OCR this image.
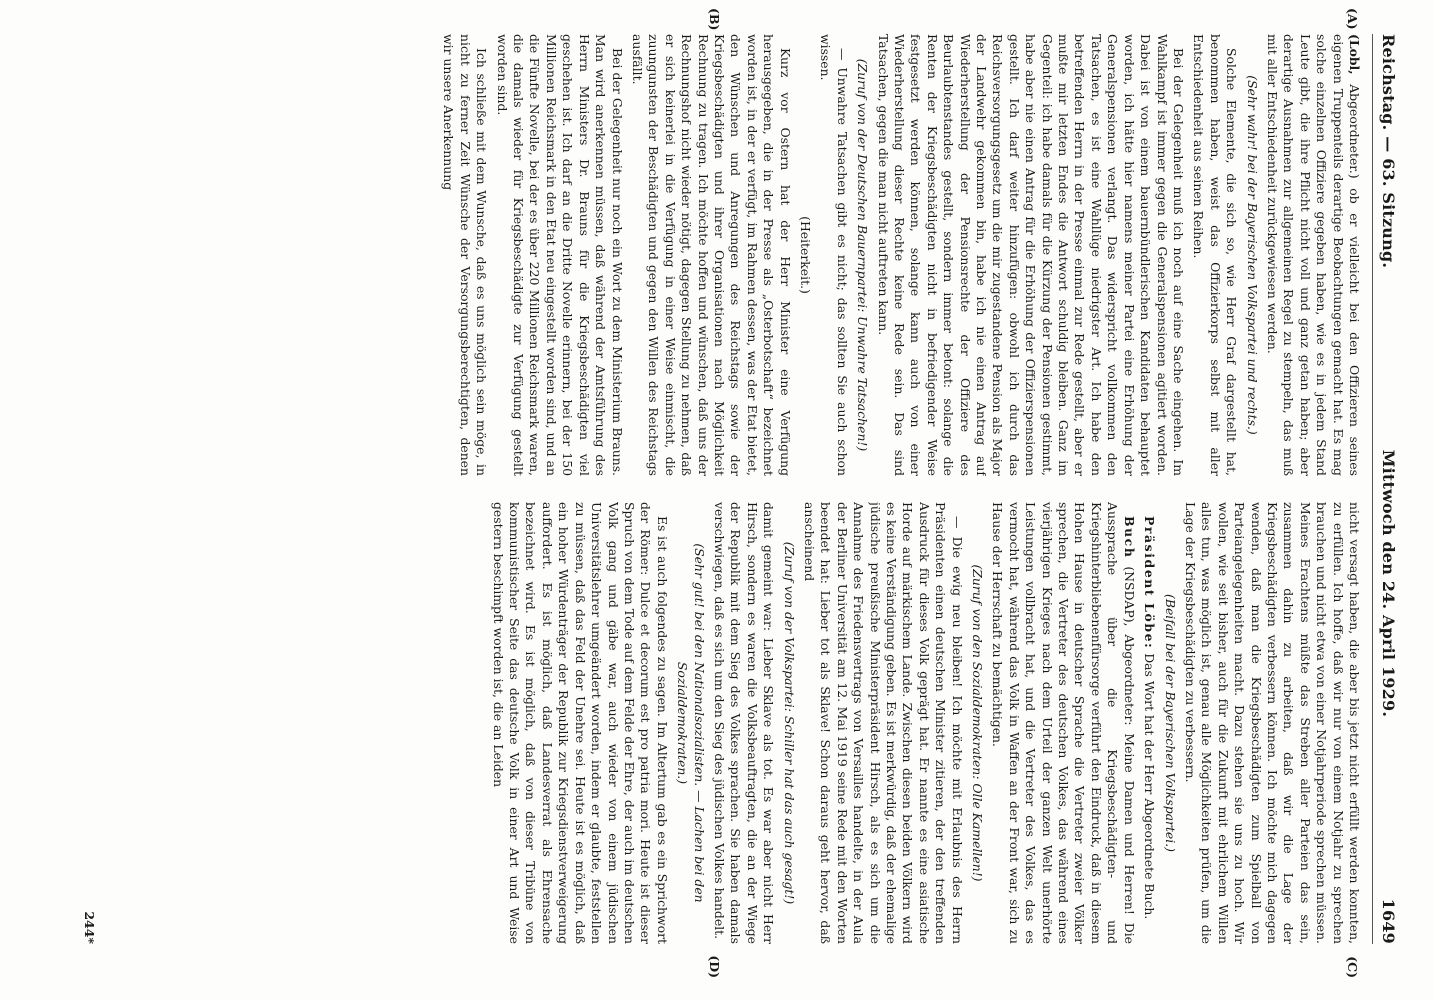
Reichstag. — 63. Sitzung.
Mittwoch den 24. April 1929.
1649
(A)
(B)
(C)
(D)

(Lobl, Abgeordneter.) ob er vielleicht bei den Offizieren seines eigenen Truppenteils derartige Beobachtungen gemacht hat. Es mag solche einzelnen Offiziere gegeben haben, wie es in jedem Stand Leute gibt, die ihre Pflicht nicht voll und ganz getan haben; aber derartige Ausnahmen zur allgemeinen Regel zu stempeln, das muß mit aller Entschiedenheit zurückgewiesen werden.

(Sehr wahr! bei der Bayerischen Volkspartei und rechts.)

Solche Elemente, die sich so, wie Herr Graf dargestellt hat, benommen haben, weist das Offizierkorps selbst mit aller Entschiedenheit aus seinen Reihen.

Bei der Gelegenheit muß ich noch auf eine Sache eingehen. Im Wahlkampf ist immer gegen die Generalspensionen agitiert worden. Dabei ist von einem bauernbündlerischen Kandidaten behauptet worden, ich hätte hier namens meiner Partei eine Erhöhung der Generalspensionen verlangt. Das widerspricht vollkommen den Tatsachen, es ist eine Wahllüge niedrigster Art. Ich habe den betreffenden Herrn in der Presse einmal zur Rede gestellt, aber er mußte mir letzten Endes die Antwort schuldig bleiben. Ganz im Gegenteil: ich habe damals für die Kürzung der Pensionen gestimmt, habe aber nie einen Antrag für die Erhöhung der Offizierspensionen gestellt. Ich darf weiter hinzufügen: obwohl ich durch das Reichsversorgungsgesetz um die mir zugestandene Pension als Major der Landwehr gekommen bin, habe ich nie einen Antrag auf Wiederherstellung der Pensionsrechte der Offiziere des Beurlaubtenstandes gestellt, sondern immer betont: solange die Renten der Kriegsbeschädigten nicht in befriedigender Weise festgesetzt werden können, solange kann auch von einer Wiederherstellung dieser Rechte keine Rede sein. Das sind Tatsachen, gegen die man nicht auftreten kann.

(Zuruf von der Deutschen Bauernpartei: Unwahre Tatsachen!)

— Unwahre Tatsachen gibt es nicht; das sollten Sie auch schon wissen.

(Heiterkeit.)

Kurz vor Ostern hat der Herr Minister eine Verfügung herausgegeben, die in der Presse als „Osterbotschaft“ bezeichnet worden ist, in der er verfügt, im Rahmen dessen, was der Etat bietet, den Wünschen und Anregungen des Reichstags sowie der Kriegsbeschädigten und ihrer Organisationen nach Möglichkeit Rechnung zu tragen. Ich möchte hoffen und wünschen, daß uns der Rechnungshof nicht wieder nötigt, dagegen Stellung zu nehmen, daß er sich keinerlei in die Verfügung in einer Weise einmischt, die zuungunsten der Beschädigten und gegen den Willen des Reichstags ausfällt.

Bei der Gelegenheit nur noch ein Wort zu dem Ministerium Brauns. Man wird anerkennen müssen, daß während der Amtsführung des Herrn Ministers Dr. Brauns für die Kriegsbeschädigten viel geschehen ist. Ich darf an die Dritte Novelle erinnern, bei der 150 Millionen Reichsmark in den Etat neu eingestellt worden sind, und an die Fünfte Novelle, bei der es über 220 Millionen Reichsmark waren, die damals wieder für Kriegsbeschädigte zur Verfügung gestellt worden sind.

Ich schließe mit dem Wunsche, daß es uns möglich sein möge, in nicht zu ferner Zeit Wünsche der Versorgungsberechtigten, denen wir unsere Anerkennung

nicht versagt haben, die aber bis jetzt nicht erfüllt werden konnten, zu erfüllen. Ich hoffe, daß wir nur von einem Notjahr zu sprechen brauchen und nicht etwa von einer Notjahrperiode sprechen müssen. Meines Erachtens müßte das Streben aller Parteien das sein, zusammen dahin zu arbeiten, daß wir die Lage der Kriegsbeschädigten verbessern können. Ich möchte mich dagegen wenden, daß man die Kriegsbeschädigten zum Spielball von Parteiangelegenheiten macht. Dazu stehen sie uns zu hoch. Wir wollen, wie seit bisher, auch für die Zukunft mit ehrlichem Willen alles tun, was möglich ist, genau alle Möglichkeiten prüfen, um die Lage der Kriegsbeschädigten zu verbessern.

(Beifall bei der Bayerischen Volkspartei.)

Präsident Löbe: Das Wort hat der Herr Abgeordnete Buch.

Buch (NSDAP), Abgeordneter: Meine Damen und Herren! Die Aussprache über die Kriegsbeschädigten- und Kriegshinterbliebenenfürsorge verführt den Eindruck, daß in diesem Hohen Hause in deutscher Sprache die Vertreter zweier Völker sprechen, die Vertreter des deutschen Volkes, das während eines vierjährigen Krieges nach dem Urteil der ganzen Welt unerhörte Leistungen vollbracht hat, und die Vertreter des Volkes, das es vermocht hat, während das Volk in Waffen an der Front war, sich zu Hause der Herrschaft zu bemächtigen.

(Zuruf von den Sozialdemokraten: Olle Kamellen!)

— Die ewig neu bleiben! Ich möchte mit Erlaubnis des Herrn Präsidenten einen deutschen Minister zitieren, der den treffenden Ausdruck für dieses Volk geprägt hat. Er nannte es eine asiatische Horde auf märkischem Lande. Zwischen diesen beiden Völkern wird es keine Verständigung geben. Es ist merkwürdig, daß der ehemalige jüdische preußische Ministerpräsident Hirsch, als es sich um die Annahme des Friedensvertrags von Versailles handelte, in der Aula der Berliner Universität am 12. Mai 1919 seine Rede mit den Worten beendet hat: Lieber tot als Sklave! Schon daraus geht hervor, daß anscheinend

(Zuruf von der Volkspartei: Schiller hat das auch gesagt!)

damit gemeint war: Lieber Sklave als tot. Es war aber nicht Herr Hirsch, sondern es waren die Volksbeauftragten, die an der Wiege der Republik mit dem Sieg des Volkes sprachen. Sie haben damals verschwiegen, daß es sich um den Sieg des jüdischen Volkes handelt.

(Sehr gut! bei den Nationalsozialisten. — Lachen bei den Sozialdemokraten.)

Es ist auch folgendes zu sagen. Im Altertum gab es ein Sprichwort der Römer: Dulce et decorum est pro patria mori. Heute ist dieser Spruch von dem Tode auf dem Felde der Ehre, der auch im deutschen Volk gang und gäbe war, auch wieder von einem jüdischen Universitätslehrer umgeändert worden, indem er glaubte, feststellen zu müssen, daß das Feld der Unehre sei. Heute ist es möglich, daß ein hoher Würdenträger der Republik zur Kriegsdienstverweigerung auffordert. Es ist möglich, daß Landesverrat als Ehrensache bezeichnet wird. Es ist möglich, daß von dieser Tribüne von kommunistischer Seite das deutsche Volk in einer Art und Weise gestern beschimpft worden ist, die an Leiden

244*
